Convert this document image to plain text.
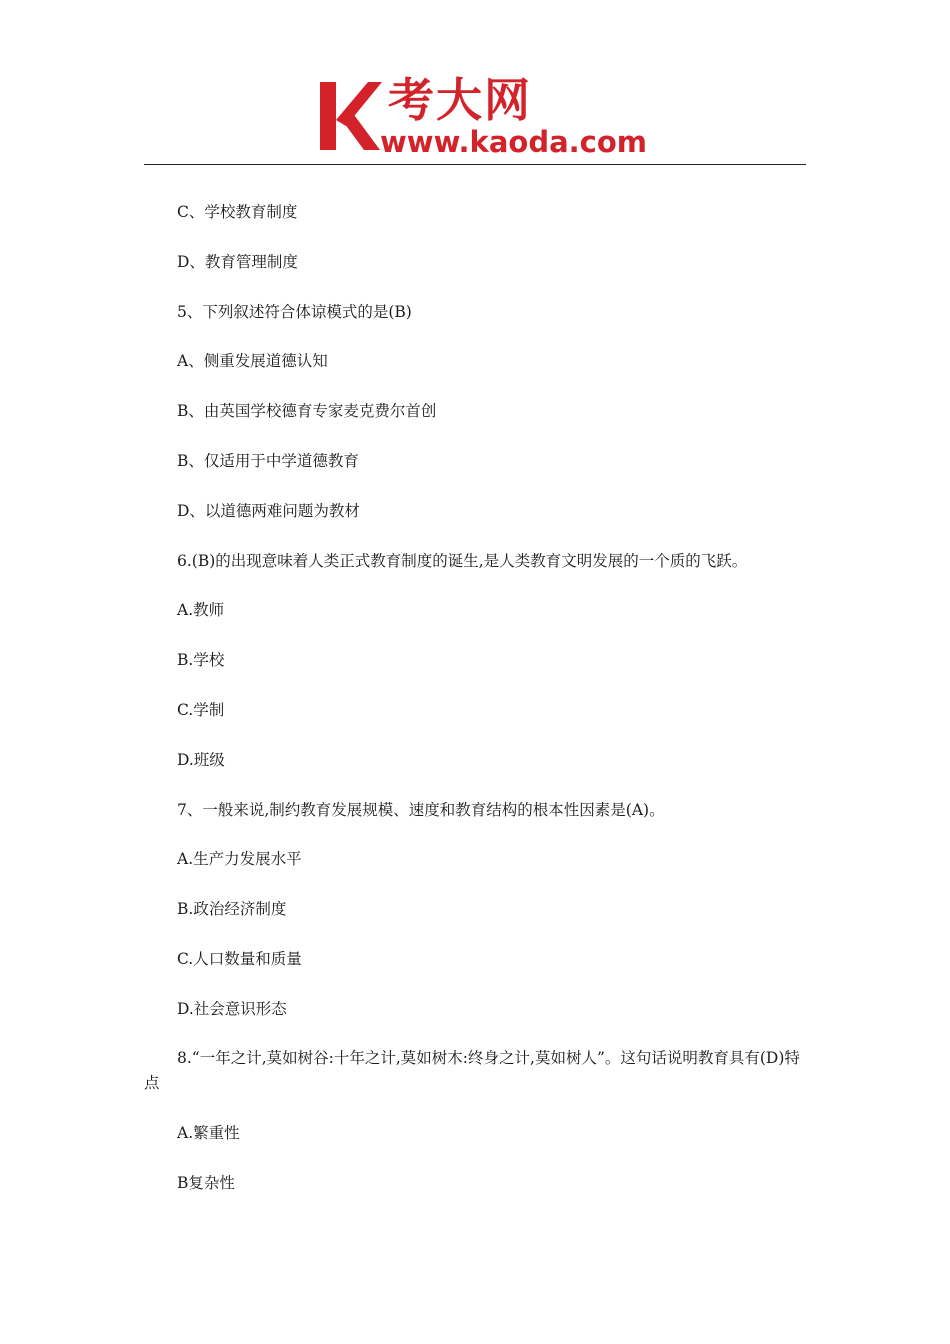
考大网
www.kaoda.com
C、学校教育制度
D、教育管理制度
5、下列叙述符合体谅模式的是(B)
A、侧重发展道德认知
B、由英国学校德育专家麦克费尔首创
B、仅适用于中学道德教育
D、以道德两难问题为教材
6.(B)的出现意味着人类正式教育制度的诞生,是人类教育文明发展的一个质的飞跃。
A.教师
B.学校
C.学制
D.班级
7、一般来说,制约教育发展规模、速度和教育结构的根本性因素是(A)。
A.生产力发展水平
B.政治经济制度
C.人口数量和质量
D.社会意识形态
8.“一年之计,莫如树谷:十年之计,莫如树木:终身之计,莫如树人”。这句话说明教育具有(D)特点
A.繁重性
B复杂性
